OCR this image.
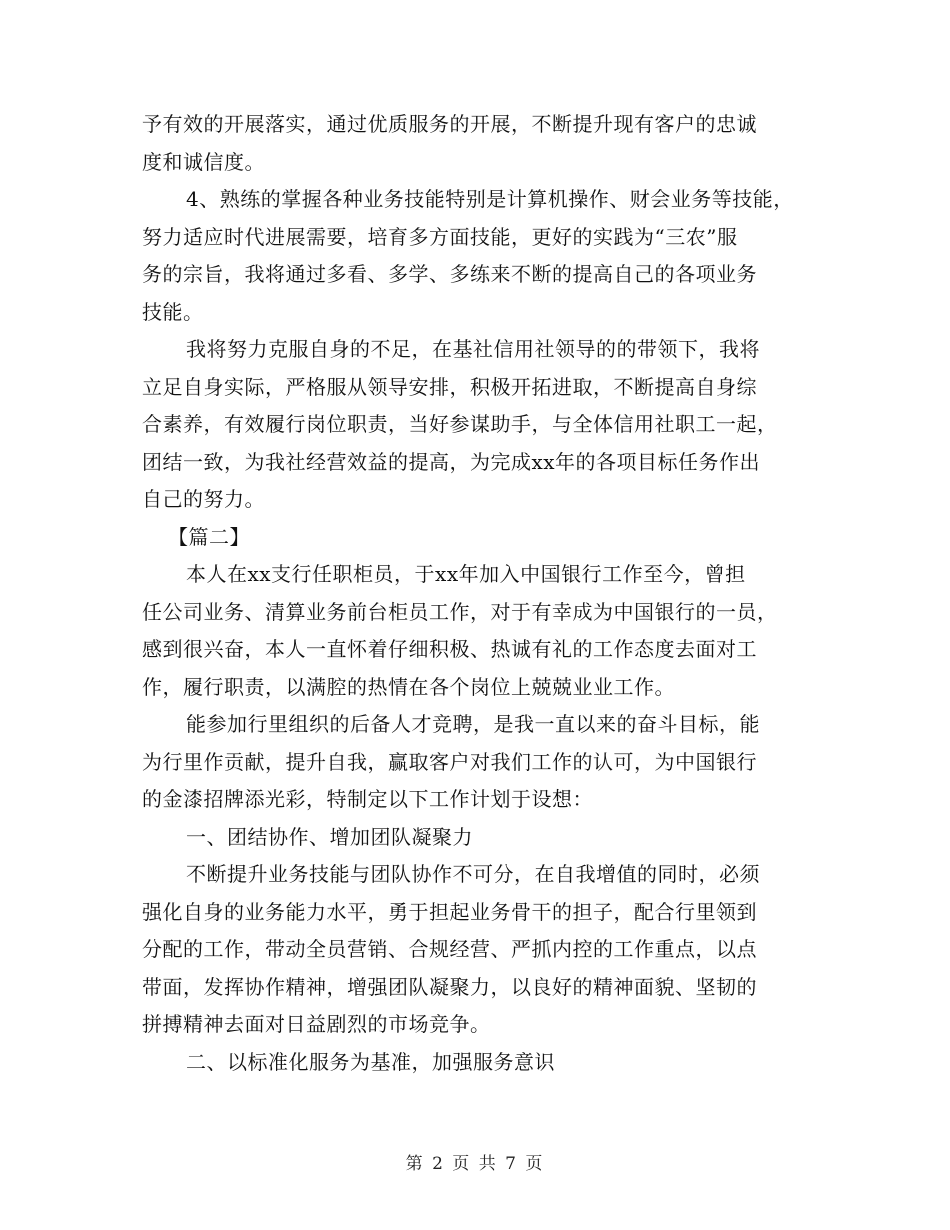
予有效的开展落实，通过优质服务的开展，不断提升现有客户的忠诚
度和诚信度。
4、熟练的掌握各种业务技能特别是计算机操作、财会业务等技能，
努力适应时代进展需要，培育多方面技能，更好的实践为“三农”服
务的宗旨，我将通过多看、多学、多练来不断的提高自己的各项业务
技能。
我将努力克服自身的不足，在基社信用社领导的的带领下，我将
立足自身实际，严格服从领导安排，积极开拓进取，不断提高自身综
合素养，有效履行岗位职责，当好参谋助手，与全体信用社职工一起，
团结一致，为我社经营效益的提高，为完成xx年的各项目标任务作出
自己的努力。
【篇二】
本人在xx支行任职柜员，于xx年加入中国银行工作至今，曾担
任公司业务、清算业务前台柜员工作，对于有幸成为中国银行的一员，
感到很兴奋，本人一直怀着仔细积极、热诚有礼的工作态度去面对工
作，履行职责，以满腔的热情在各个岗位上兢兢业业工作。
能参加行里组织的后备人才竞聘，是我一直以来的奋斗目标，能
为行里作贡献，提升自我，赢取客户对我们工作的认可，为中国银行
的金漆招牌添光彩，特制定以下工作计划于设想：
一、团结协作、增加团队凝聚力
不断提升业务技能与团队协作不可分，在自我增值的同时，必须
强化自身的业务能力水平，勇于担起业务骨干的担子，配合行里领到
分配的工作，带动全员营销、合规经营、严抓内控的工作重点，以点
带面，发挥协作精神，增强团队凝聚力，以良好的精神面貌、坚韧的
拼搏精神去面对日益剧烈的市场竞争。
二、以标准化服务为基准，加强服务意识
第 2 页 共 7 页
